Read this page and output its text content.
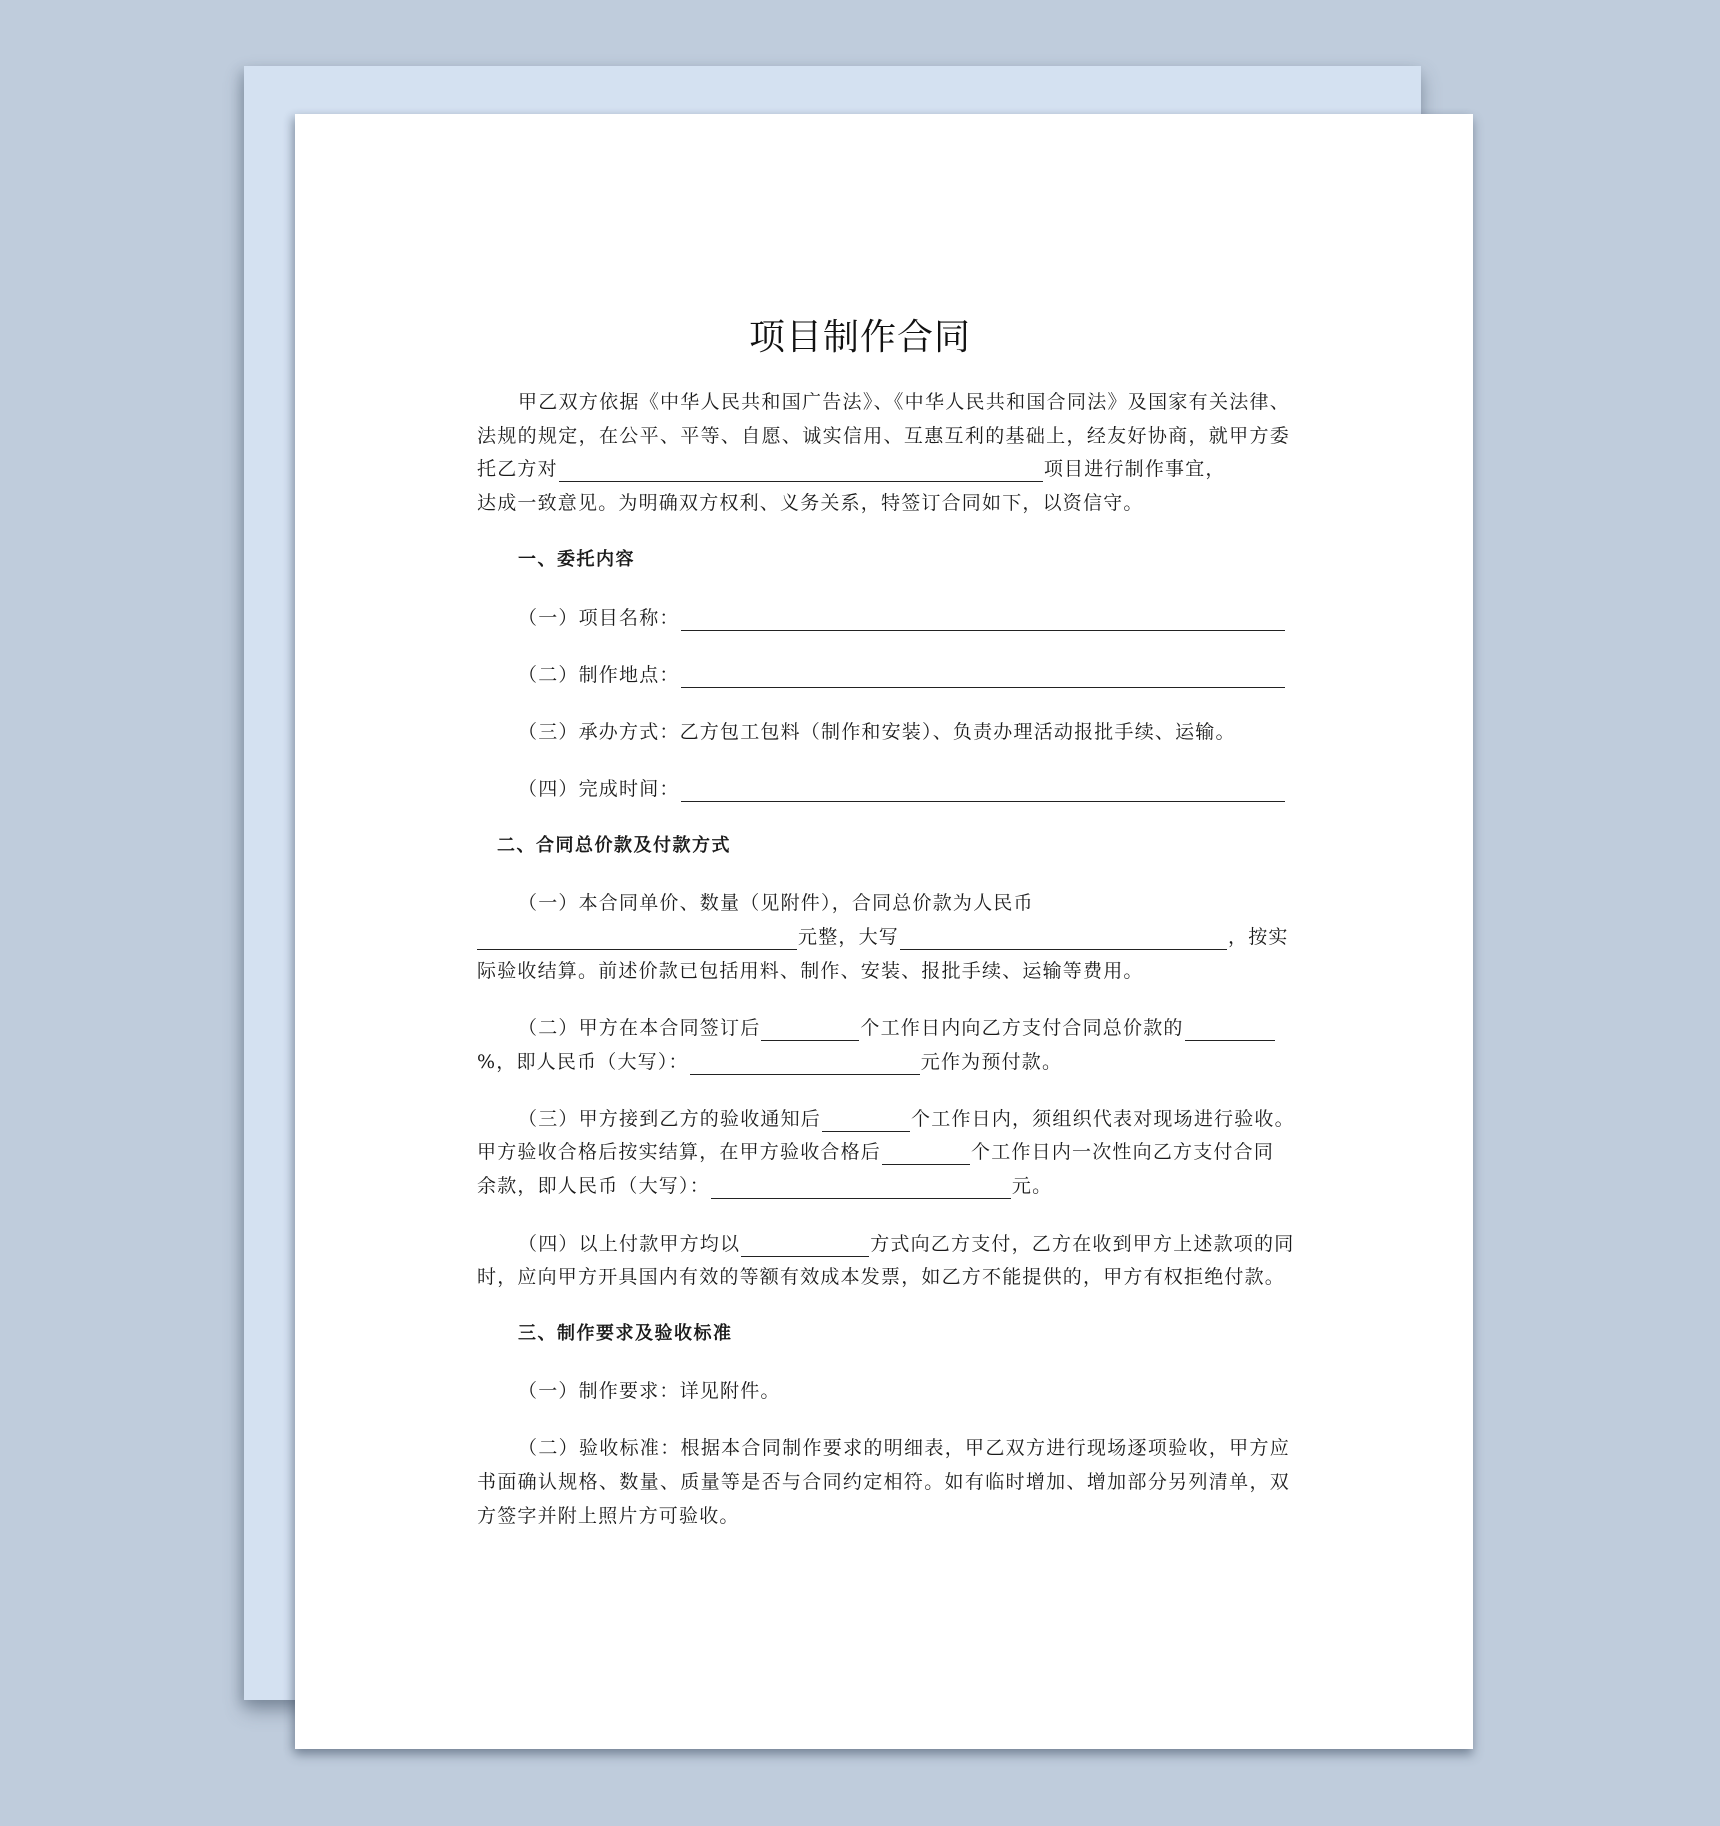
项目制作合同
甲乙双方依据《中华人民共和国广告法》、《中华人民共和国合同法》及国家有关法律、
法规的规定，在公平、平等、自愿、诚实信用、互惠互利的基础上，经友好协商，就甲方委
托乙方对	项目进行制作事宜，
达成一致意见。为明确双方权利、义务关系，特签订合同如下，以资信守。
一、委托内容
（一）项目名称：
（二）制作地点：
（三）承办方式：乙方包工包料（制作和安装）、负责办理活动报批手续、运输。
（四）完成时间：
二、合同总价款及付款方式
（一）本合同单价、数量（见附件），合同总价款为人民币
元整，大写	，按实
际验收结算。前述价款已包括用料、制作、安装、报批手续、运输等费用。
（二）甲方在本合同签订后	个工作日内向乙方支付合同总价款的
%，即人民币（大写）：	元作为预付款。
（三）甲方接到乙方的验收通知后	个工作日内，须组织代表对现场进行验收。
甲方验收合格后按实结算，在甲方验收合格后	个工作日内一次性向乙方支付合同
余款，即人民币（大写）：	元。
（四）以上付款甲方均以	方式向乙方支付，乙方在收到甲方上述款项的同
时，应向甲方开具国内有效的等额有效成本发票，如乙方不能提供的，甲方有权拒绝付款。
三、制作要求及验收标准
（一）制作要求：详见附件。
（二）验收标准：根据本合同制作要求的明细表，甲乙双方进行现场逐项验收，甲方应
书面确认规格、数量、质量等是否与合同约定相符。如有临时增加、增加部分另列清单，双
方签字并附上照片方可验收。
